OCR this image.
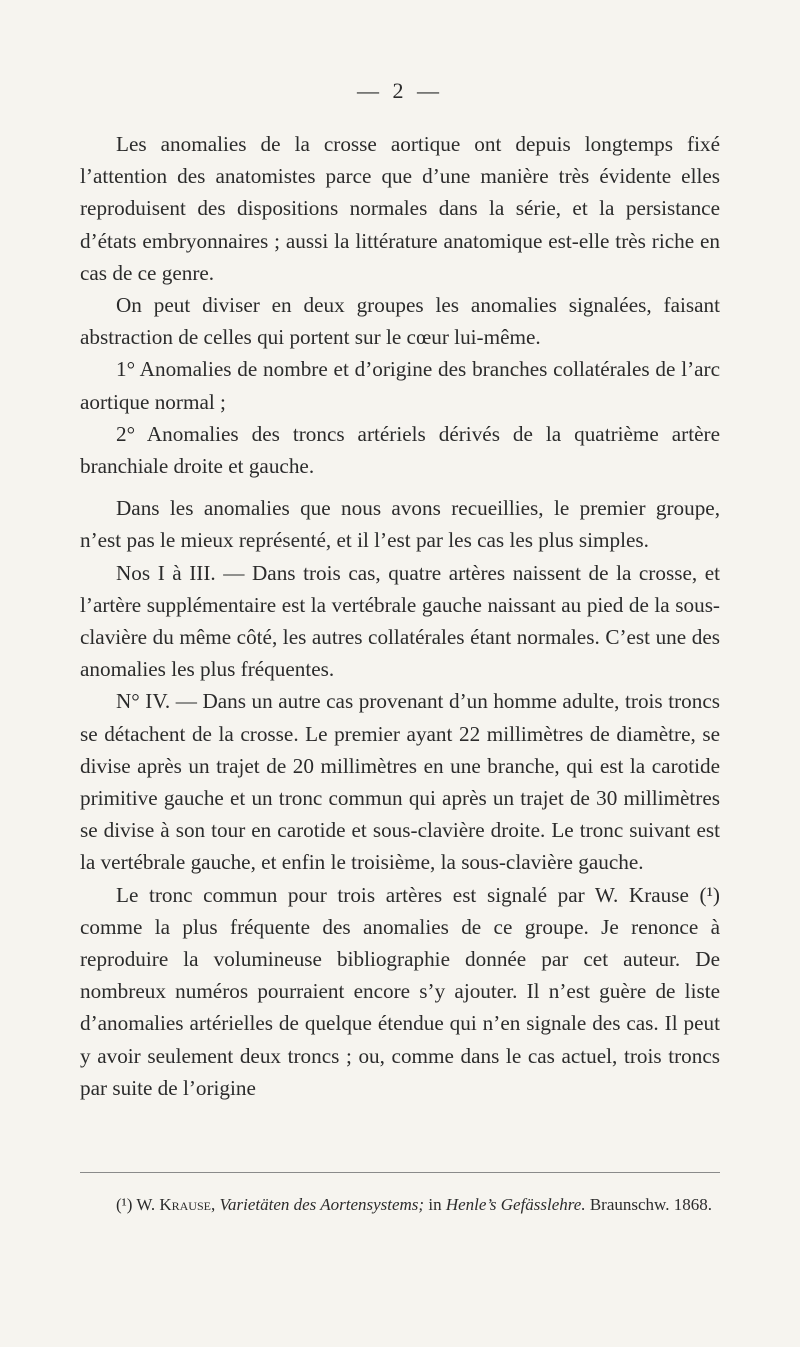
— 2 —

Les anomalies de la crosse aortique ont depuis longtemps fixé l’attention des anatomistes parce que d’une manière très évidente elles reproduisent des dispositions normales dans la série, et la persistance d’états embryonnaires ; aussi la littérature anatomique est-elle très riche en cas de ce genre.

On peut diviser en deux groupes les anomalies signalées, faisant abstraction de celles qui portent sur le cœur lui-même.

1° Anomalies de nombre et d’origine des branches collatérales de l’arc aortique normal ;

2° Anomalies des troncs artériels dérivés de la quatrième artère branchiale droite et gauche.

Dans les anomalies que nous avons recueillies, le premier groupe, n’est pas le mieux représenté, et il l’est par les cas les plus simples.

Nos I à III. — Dans trois cas, quatre artères naissent de la crosse, et l’artère supplémentaire est la vertébrale gauche naissant au pied de la sous-clavière du même côté, les autres collatérales étant normales. C’est une des anomalies les plus fréquentes.

N° IV. — Dans un autre cas provenant d’un homme adulte, trois troncs se détachent de la crosse. Le premier ayant 22 millimètres de diamètre, se divise après un trajet de 20 millimètres en une branche, qui est la carotide primitive gauche et un tronc commun qui après un trajet de 30 millimètres se divise à son tour en carotide et sous-clavière droite. Le tronc suivant est la vertébrale gauche, et enfin le troisième, la sous-clavière gauche.

Le tronc commun pour trois artères est signalé par W. Krause (¹) comme la plus fréquente des anomalies de ce groupe. Je renonce à reproduire la volumineuse bibliographie donnée par cet auteur. De nombreux numéros pourraient encore s’y ajouter. Il n’est guère de liste d’anomalies artérielles de quelque étendue qui n’en signale des cas. Il peut y avoir seulement deux troncs ; ou, comme dans le cas actuel, trois troncs par suite de l’origine

(¹) W. Krause, Varietäten des Aortensystems; in Henle’s Gefässlehre. Braunschw. 1868.
